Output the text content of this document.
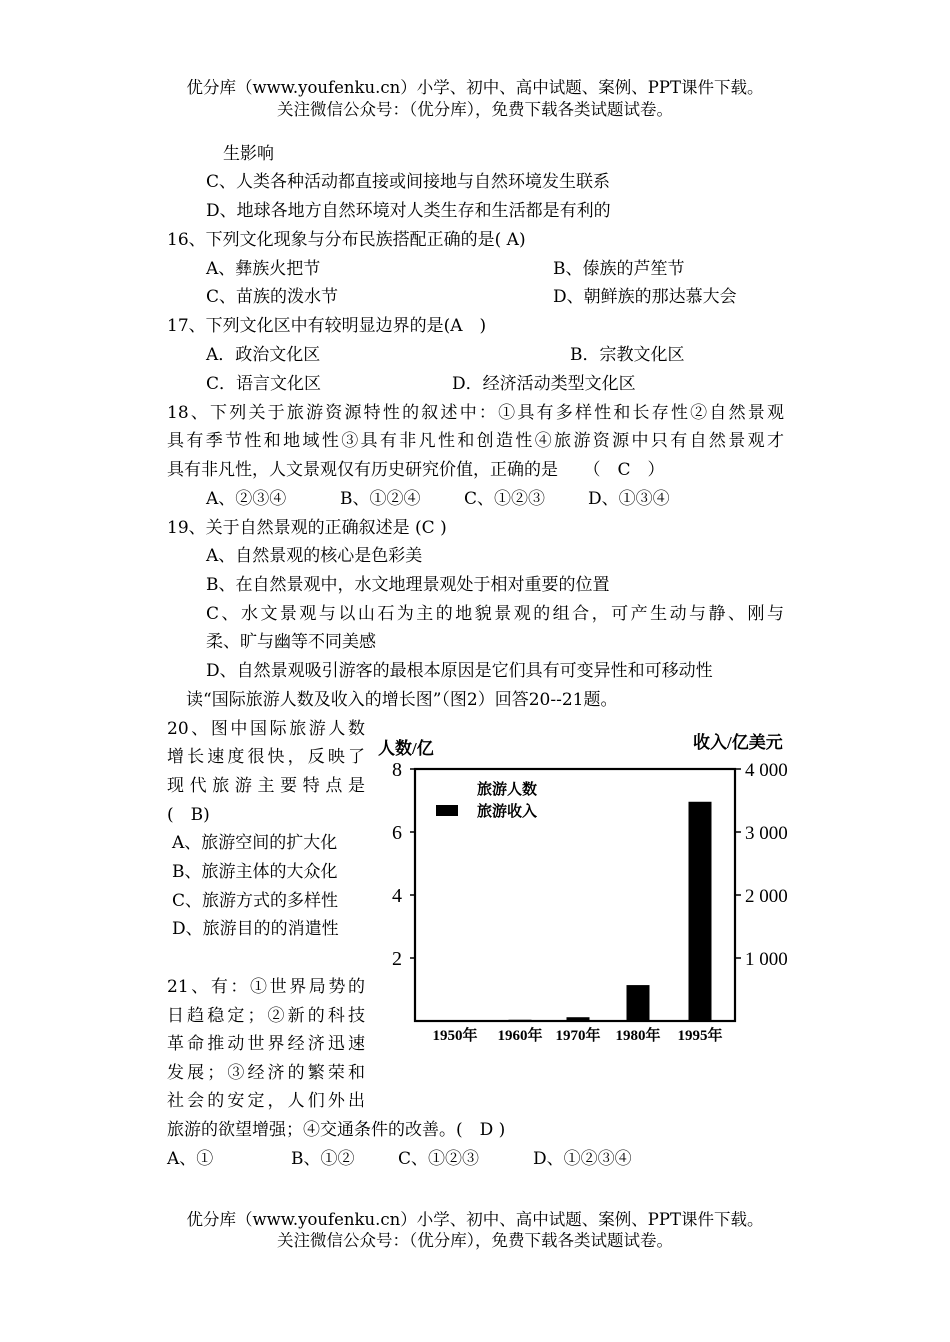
优分库（www.youfenku.cn）小学、初中、高中试题、案例、PPT课件下载。
关注微信公众号：（优分库），免费下载各类试题试卷。
生影响
C、人类各种活动都直接或间接地与自然环境发生联系
D、地球各地方自然环境对人类生存和生活都是有利的
16、下列文化现象与分布民族搭配正确的是( A)
A、彝族火把节	B、傣族的芦笙节
C、苗族的泼水节	D、朝鲜族的那达慕大会
17、下列文化区中有较明显边界的是(A　)
A．政治文化区	B．宗教文化区
C．语言文化区	D．经济活动类型文化区
18、下列关于旅游资源特性的叙述中：①具有多样性和长存性②自然景观
具有季节性和地域性③具有非凡性和创造性④旅游资源中只有自然景观才
具有非凡性，人文景观仅有历史研究价值，正确的是　　（　C　）
A、②③④	B、①②④	C、①②③	D、①③④
19、关于自然景观的正确叙述是 (C )
A、自然景观的核心是色彩美
B、在自然景观中，水文地理景观处于相对重要的位置
C、水文景观与以山石为主的地貌景观的组合，可产生动与静、刚与
柔、旷与幽等不同美感
D、自然景观吸引游客的最根本原因是它们具有可变异性和可移动性
读“国际旅游人数及收入的增长图”（图2）回答20--21题。
20、图中国际旅游人数
增长速度很快，反映了
现代旅游主要特点是
(　B)
A、旅游空间的扩大化
B、旅游主体的大众化
C、旅游方式的多样性
D、旅游目的的消遣性
21、有：①世界局势的
日趋稳定；②新的科技
革命推动世界经济迅速
发展；③经济的繁荣和
社会的安定，人们外出
旅游的欲望增强；④交通条件的改善。(　D )
A、①	B、①②	C、①②③	D、①②③④
人数/亿	收入/亿美元
2
4
6
8
1 000
2 000
3 000
4 000
1950年 1960年 1970年 1980年 1995年
旅游人数
旅游收入
优分库（www.youfenku.cn）小学、初中、高中试题、案例、PPT课件下载。
关注微信公众号：（优分库），免费下载各类试题试卷。
